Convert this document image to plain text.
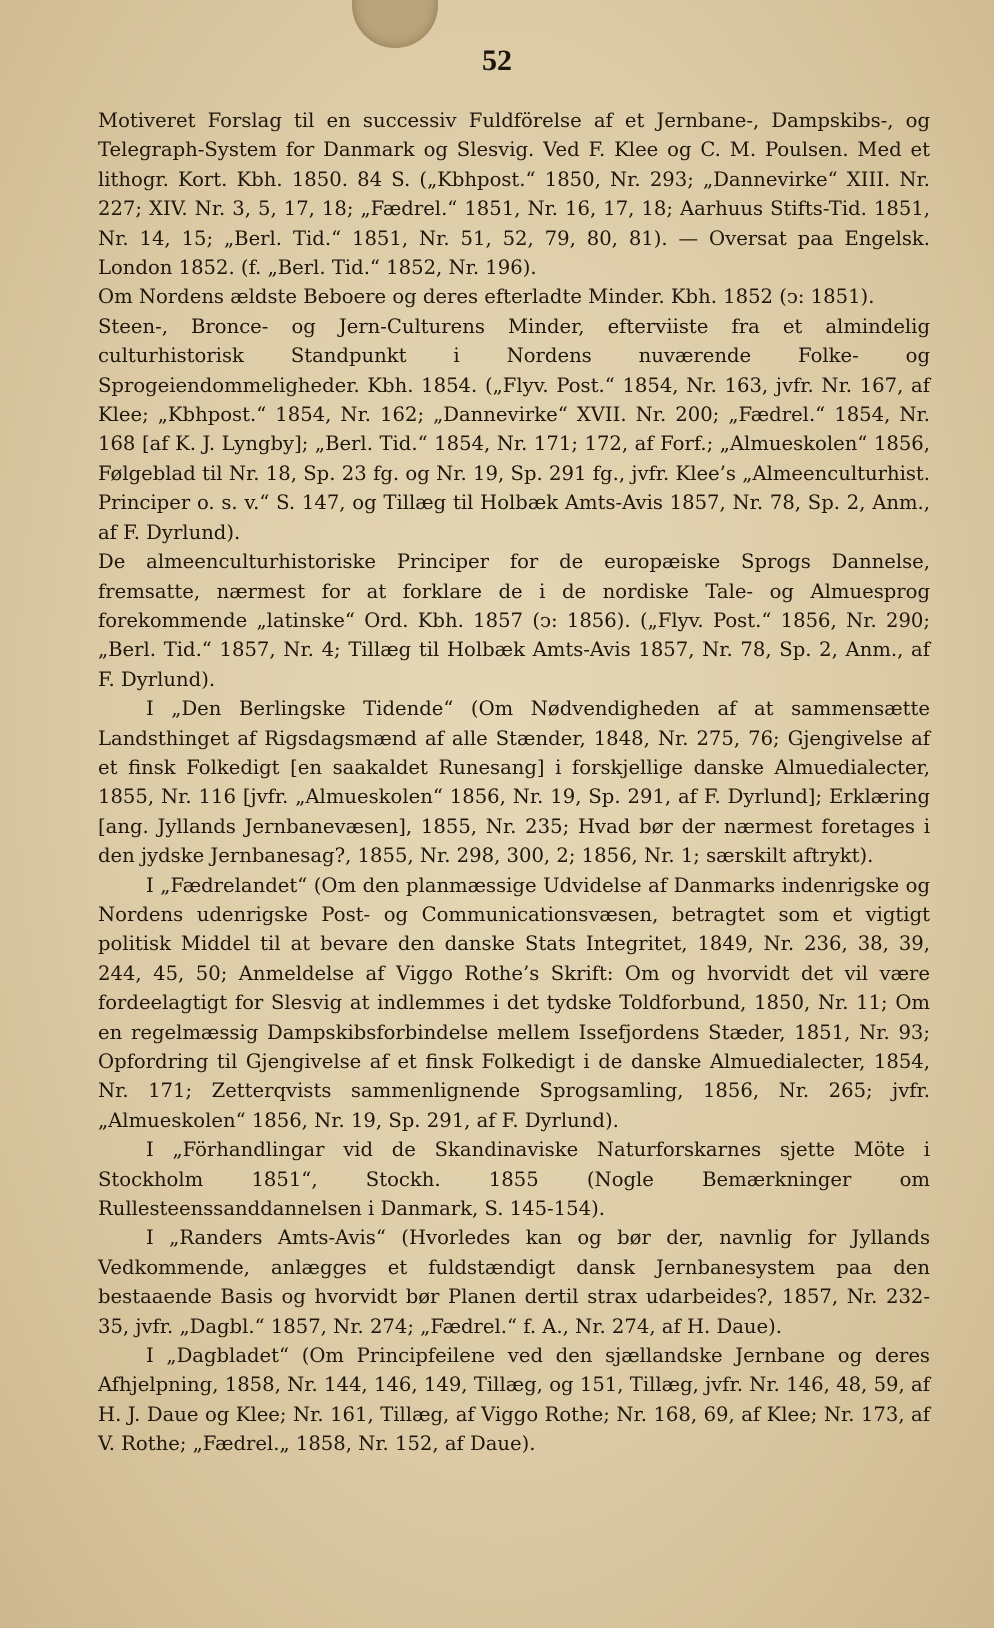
52

Motiveret Forslag til en successiv Fuldförelse af et Jernbane-, Dampskibs-, og Telegraph-System for Danmark og Slesvig. Ved F. Klee og C. M. Poulsen. Med et lithogr. Kort. Kbh. 1850. 84 S. („Kbhpost.“ 1850, Nr. 293; „Dannevirke“ XIII. Nr. 227; XIV. Nr. 3, 5, 17, 18; „Fædrel.“ 1851, Nr. 16, 17, 18; Aarhuus Stifts-Tid. 1851, Nr. 14, 15; „Berl. Tid.“ 1851, Nr. 51, 52, 79, 80, 81). — Oversat paa Engelsk. London 1852. (f. „Berl. Tid.“ 1852, Nr. 196).

Om Nordens ældste Beboere og deres efterladte Minder. Kbh. 1852 (ↄ: 1851).

Steen-, Bronce- og Jern-Culturens Minder, efterviiste fra et almindelig culturhistorisk Standpunkt i Nordens nuværende Folke- og Sprogeiendommeligheder. Kbh. 1854. („Flyv. Post.“ 1854, Nr. 163, jvfr. Nr. 167, af Klee; „Kbhpost.“ 1854, Nr. 162; „Dannevirke“ XVII. Nr. 200; „Fædrel.“ 1854, Nr. 168 [af K. J. Lyngby]; „Berl. Tid.“ 1854, Nr. 171; 172, af Forf.; „Almueskolen“ 1856, Følgeblad til Nr. 18, Sp. 23 fg. og Nr. 19, Sp. 291 fg., jvfr. Klee’s „Almeenculturhist. Principer o. s. v.“ S. 147, og Tillæg til Holbæk Amts-Avis 1857, Nr. 78, Sp. 2, Anm., af F. Dyrlund).

De almeenculturhistoriske Principer for de europæiske Sprogs Dannelse, fremsatte, nærmest for at forklare de i de nordiske Tale- og Almuesprog forekommende „latinske“ Ord. Kbh. 1857 (ↄ: 1856). („Flyv. Post.“ 1856, Nr. 290; „Berl. Tid.“ 1857, Nr. 4; Tillæg til Holbæk Amts-Avis 1857, Nr. 78, Sp. 2, Anm., af F. Dyrlund).

I „Den Berlingske Tidende“ (Om Nødvendigheden af at sammensætte Landsthinget af Rigsdagsmænd af alle Stænder, 1848, Nr. 275, 76; Gjengivelse af et finsk Folkedigt [en saakaldet Runesang] i forskjellige danske Almuedialecter, 1855, Nr. 116 [jvfr. „Almueskolen“ 1856, Nr. 19, Sp. 291, af F. Dyrlund]; Erklæring [ang. Jyllands Jernbanevæsen], 1855, Nr. 235; Hvad bør der nærmest foretages i den jydske Jernbanesag?, 1855, Nr. 298, 300, 2; 1856, Nr. 1; særskilt aftrykt).

I „Fædrelandet“ (Om den planmæssige Udvidelse af Danmarks indenrigske og Nordens udenrigske Post- og Communicationsvæsen, betragtet som et vigtigt politisk Middel til at bevare den danske Stats Integritet, 1849, Nr. 236, 38, 39, 244, 45, 50; Anmeldelse af Viggo Rothe’s Skrift: Om og hvorvidt det vil være fordeelagtigt for Slesvig at indlemmes i det tydske Toldforbund, 1850, Nr. 11; Om en regelmæssig Dampskibsforbindelse mellem Issefjordens Stæder, 1851, Nr. 93; Opfordring til Gjengivelse af et finsk Folkedigt i de danske Almuedialecter, 1854, Nr. 171; Zetterqvists sammenlignende Sprogsamling, 1856, Nr. 265; jvfr. „Almueskolen“ 1856, Nr. 19, Sp. 291, af F. Dyrlund).

I „Förhandlingar vid de Skandinaviske Naturforskarnes sjette Möte i Stockholm 1851“, Stockh. 1855 (Nogle Bemærkninger om Rullesteenssanddannelsen i Danmark, S. 145-154).

I „Randers Amts-Avis“ (Hvorledes kan og bør der, navnlig for Jyllands Vedkommende, anlægges et fuldstændigt dansk Jernbanesystem paa den bestaaende Basis og hvorvidt bør Planen dertil strax udarbeides?, 1857, Nr. 232-35, jvfr. „Dagbl.“ 1857, Nr. 274; „Fædrel.“ f. A., Nr. 274, af H. Daue).

I „Dagbladet“ (Om Principfeilene ved den sjællandske Jernbane og deres Afhjelpning, 1858, Nr. 144, 146, 149, Tillæg, og 151, Tillæg, jvfr. Nr. 146, 48, 59, af H. J. Daue og Klee; Nr. 161, Tillæg, af Viggo Rothe; Nr. 168, 69, af Klee; Nr. 173, af V. Rothe; „Fædrel.„ 1858, Nr. 152, af Daue).
